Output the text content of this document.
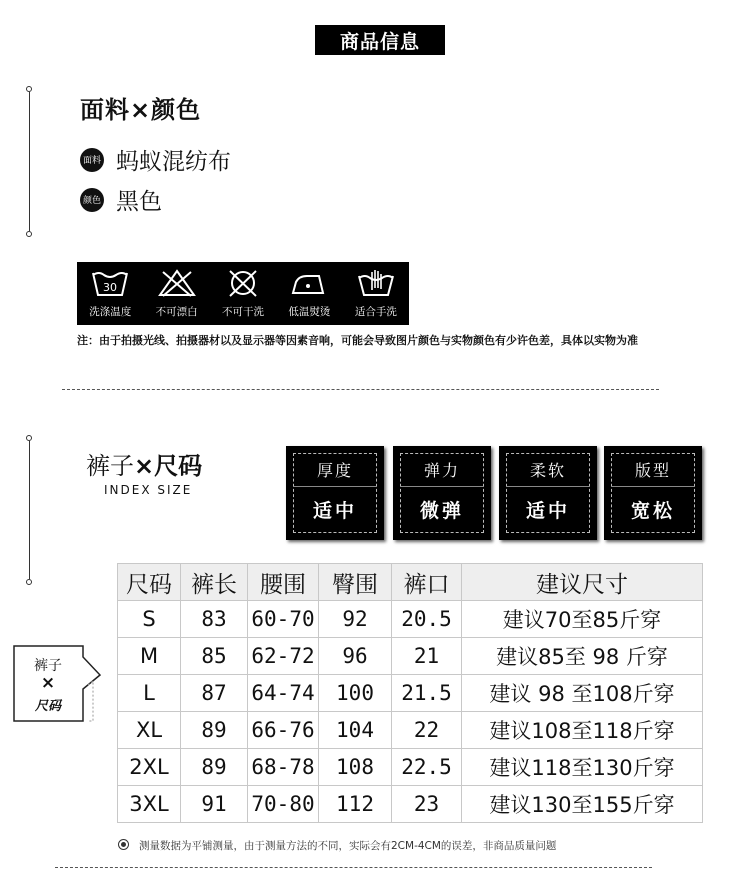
商品信息
面料×颜色
面料 蚂蚁混纺布
颜色 黑色
30
洗涤温度 不可漂白 不可干洗 低温熨烫 适合手洗
注：由于拍摄光线、拍摄器材以及显示器等因素音响，可能会导致图片颜色与实物颜色有少许色差，具体以实物为准
裤子×尺码
INDEX SIZE
厚度
适中
弹力
微弹
柔软
适中
版型
宽松
裤子
×
尺码
尺码	裤长	腰围	臀围	裤口	建议尺寸
S	83	60-70	92	20.5	建议70至85斤穿
M	85	62-72	96	21	建议85至 98 斤穿
L	87	64-74	100	21.5	建议 98 至108斤穿
XL	89	66-76	104	22	建议108至118斤穿
2XL	89	68-78	108	22.5	建议118至130斤穿
3XL	91	70-80	112	23	建议130至155斤穿
测量数据为平铺测量，由于测量方法的不同，实际会有2CM-4CM的误差，非商品质量问题
